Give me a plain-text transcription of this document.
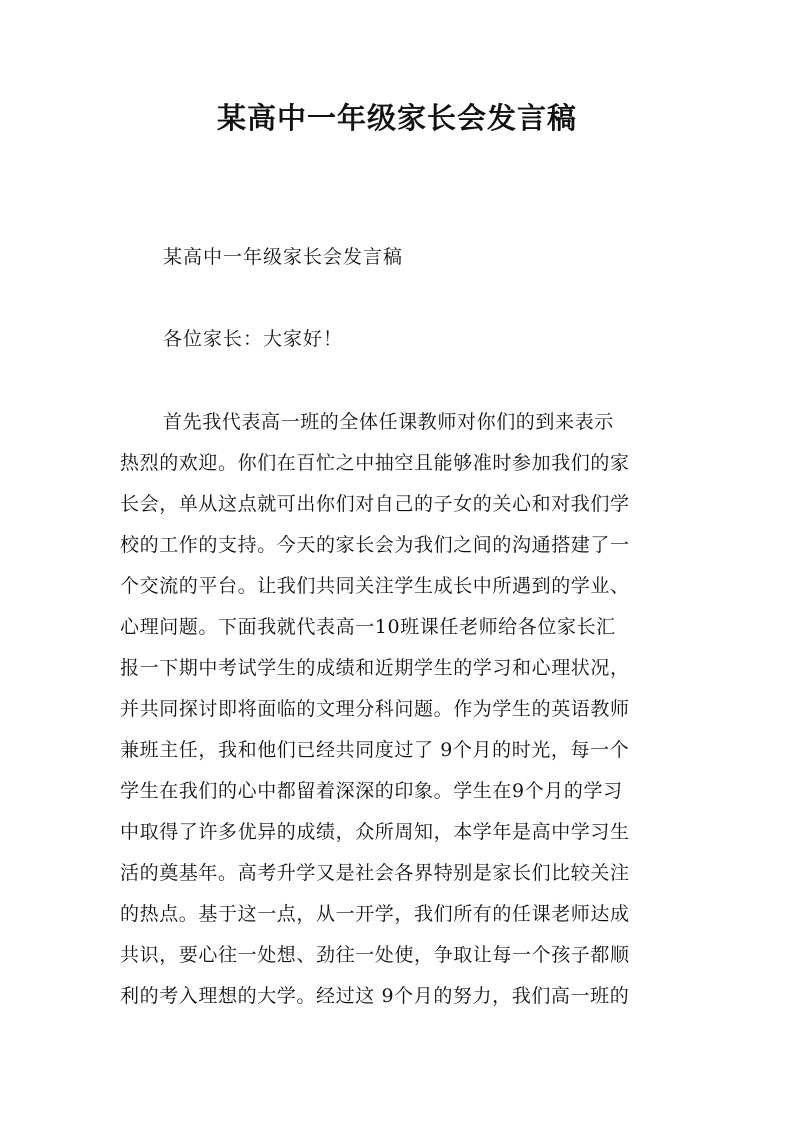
某高中一年级家长会发言稿
某高中一年级家长会发言稿
各位家长：大家好！
首先我代表高一班的全体任课教师对你们的到来表示
热烈的欢迎。你们在百忙之中抽空且能够准时参加我们的家
长会，单从这点就可出你们对自己的子女的关心和对我们学
校的工作的支持。今天的家长会为我们之间的沟通搭建了一
个交流的平台。让我们共同关注学生成长中所遇到的学业、
心理问题。下面我就代表高一10班课任老师给各位家长汇
报一下期中考试学生的成绩和近期学生的学习和心理状况，
并共同探讨即将面临的文理分科问题。作为学生的英语教师
兼班主任，我和他们已经共同度过了 9个月的时光，每一个
学生在我们的心中都留着深深的印象。学生在9个月的学习
中取得了许多优异的成绩，众所周知，本学年是高中学习生
活的奠基年。高考升学又是社会各界特别是家长们比较关注
的热点。基于这一点，从一开学，我们所有的任课老师达成
共识，要心往一处想、劲往一处使，争取让每一个孩子都顺
利的考入理想的大学。经过这 9个月的努力，我们高一班的
